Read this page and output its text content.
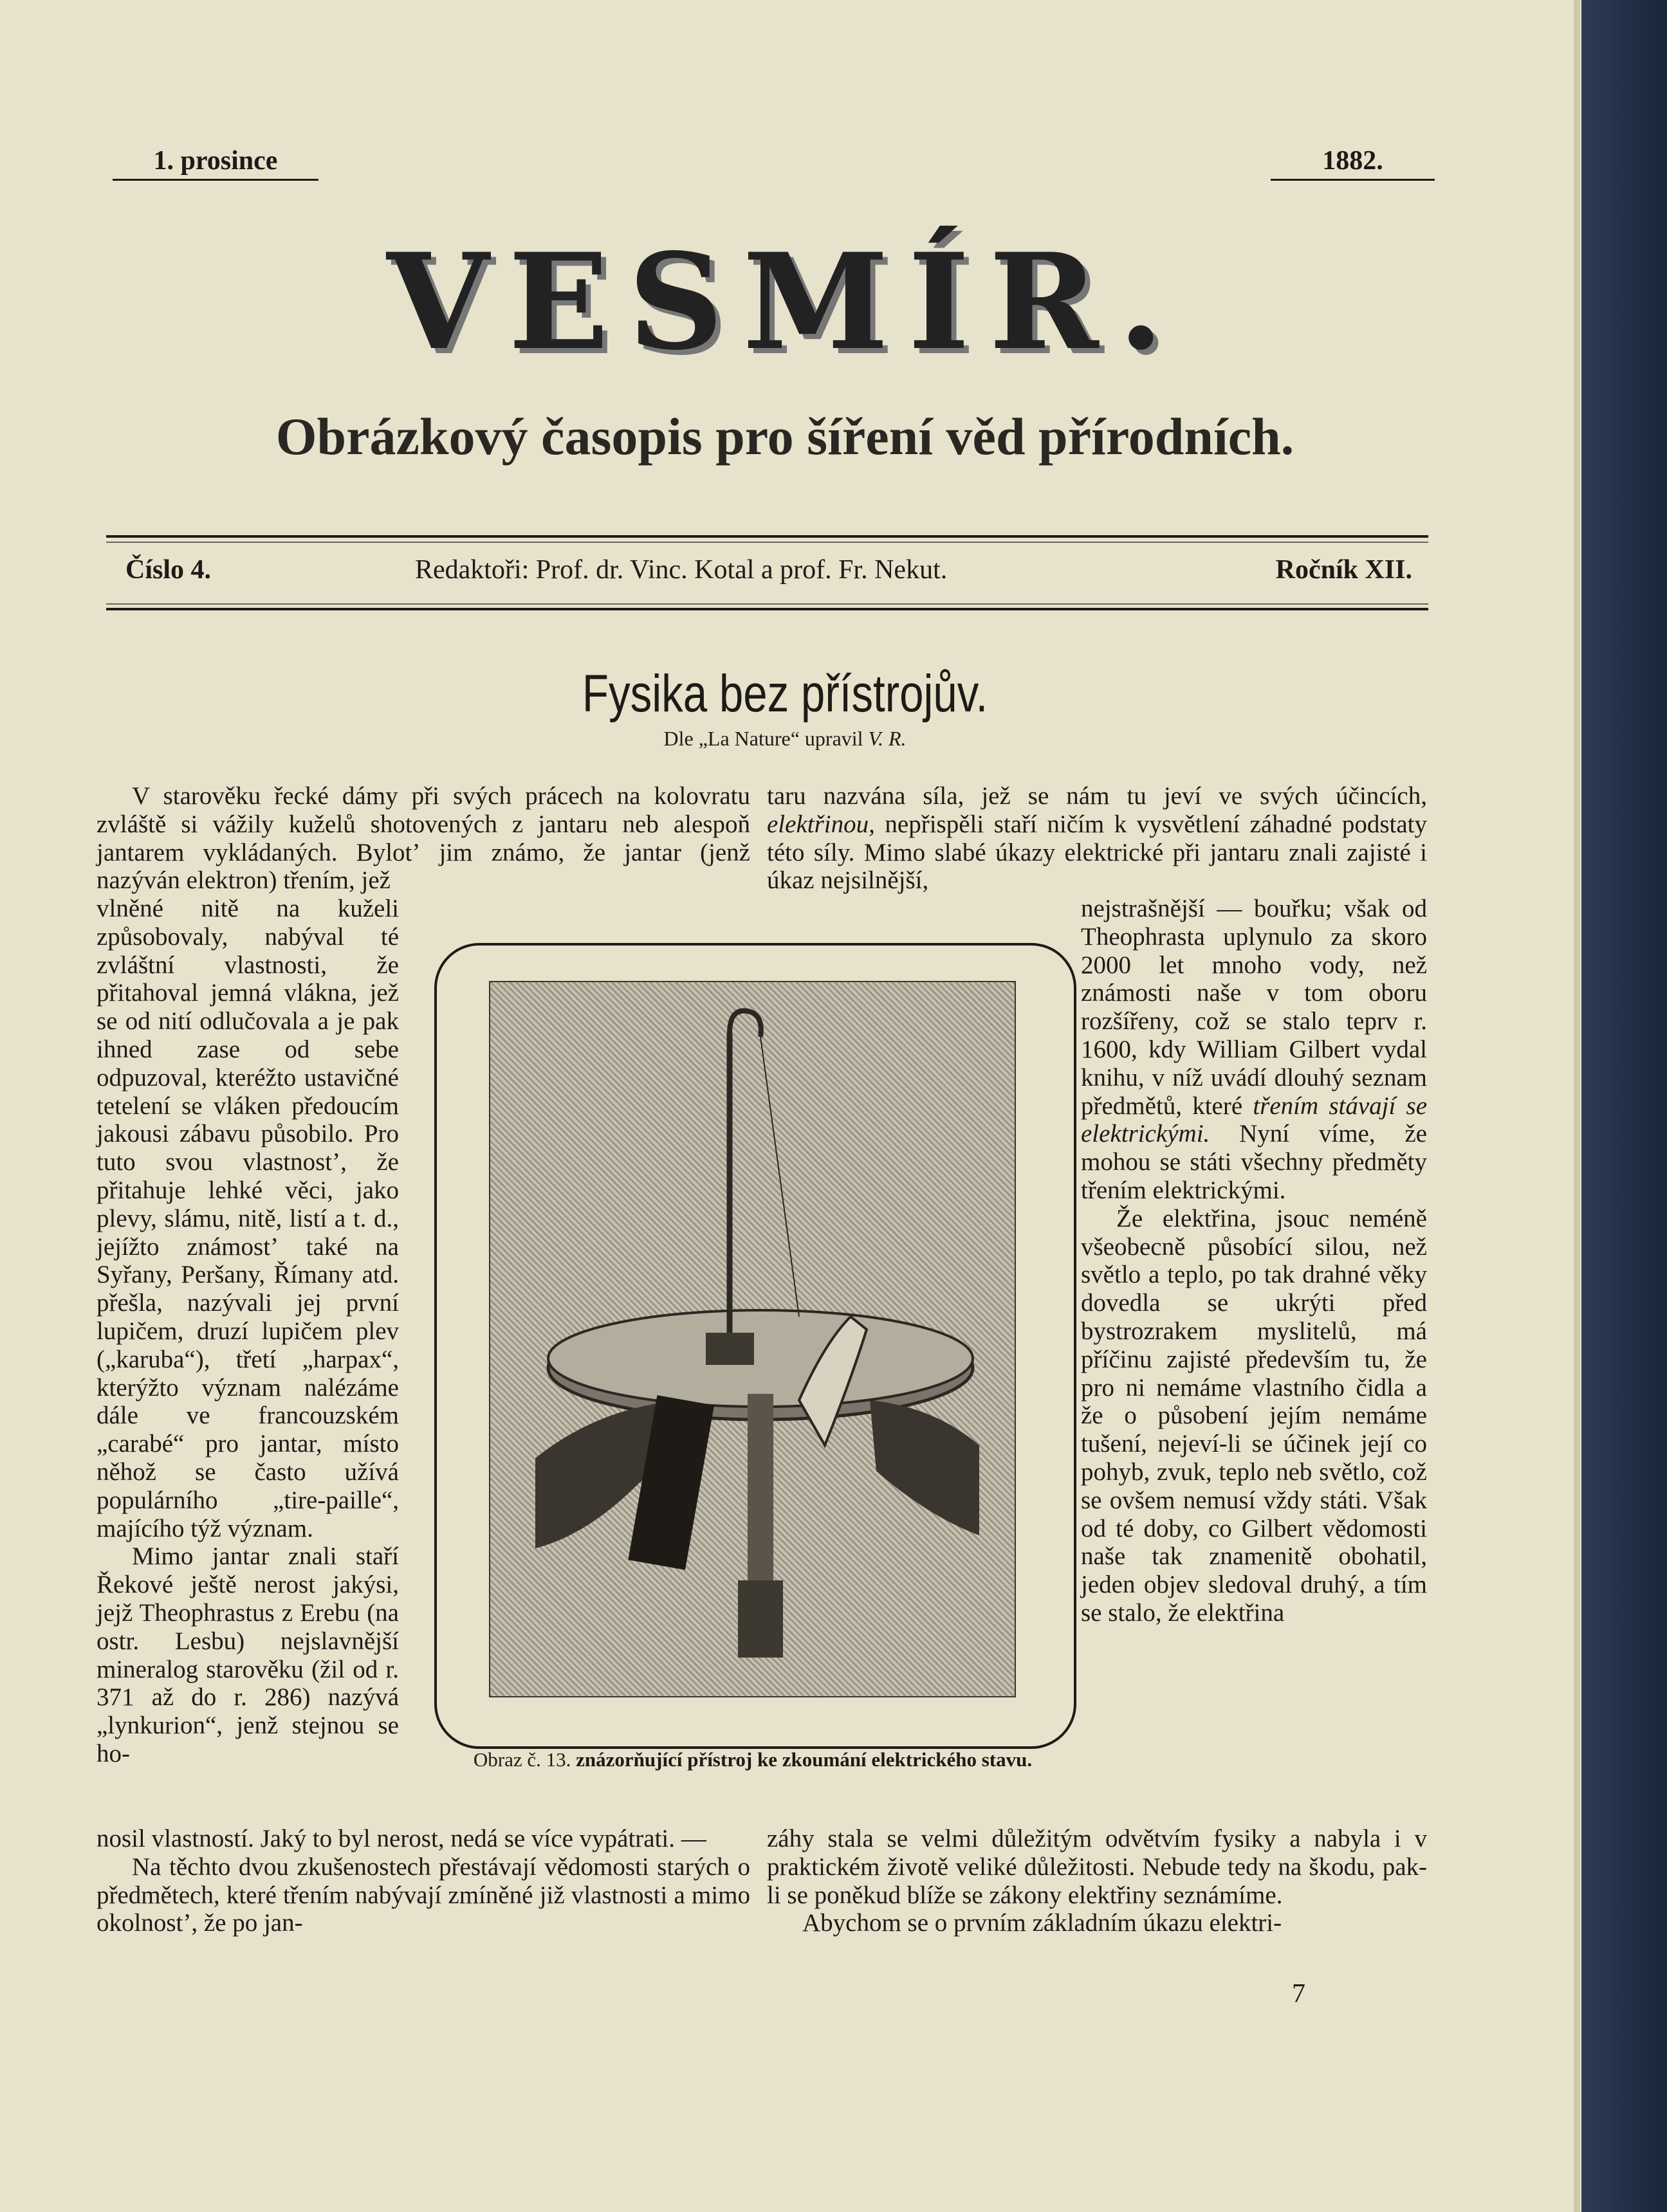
1. prosince	1882.
VESMÍR.
Obrázkový časopis pro šíření věd přírodních.
Číslo 4.	Redaktoři: Prof. dr. Vinc. Kotal a prof. Fr. Nekut.	Ročník XII.
Fysika bez přístrojův.
Dle „La Nature“ upravil V. R.

V starověku řecké dámy při svých prácech na kolovratu zvláště si vážily kuželů shotovených z jantaru neb alespoň jantarem vykládaných. Bylotʼ jim známo, že jantar (jenž nazýván elektron) třením, jež

vlněné nitě na kuželi způsobovaly, nabýval té zvláštní vlastnosti, že přitahoval jemná vlákna, jež se od nití odlučovala a je pak ihned zase od sebe odpuzoval, kteréžto ustavičné tetelení se vláken předoucím jakousi zábavu působilo. Pro tuto svou vlastnostʼ, že přitahuje lehké věci, jako plevy, slámu, nitě, listí a t. d., jejížto známostʼ také na Syřany, Peršany, Římany atd. přešla, nazývali jej první lupičem, druzí lupičem plev („karuba“), třetí „harpax“, kterýžto význam nalézáme dále ve francouzském „carabé“ pro jantar, místo něhož se často užívá populárního „tire-paille“, majícího týž význam.

Mimo jantar znali staří Řekové ještě nerost jakýsi, jejž Theophrastus z Erebu (na ostr. Lesbu) nejslavnější mineralog starověku (žil od r. 371 až do r. 286) nazývá „lynkurion“, jenž stejnou se ho-

nosil vlastností. Jaký to byl nerost, nedá se více vypátrati. —

Na těchto dvou zkušenostech přestávají vědomosti starých o předmětech, které třením nabývají zmíněné již vlastnosti a mimo okolnostʼ, že po jan-

taru nazvána síla, jež se nám tu jeví ve svých účincích, elektřinou, nepřispěli staří ničím k vysvětlení záhadné podstaty této síly. Mimo slabé úkazy elektrické při jantaru znali zajisté i úkaz nejsilnější,

nejstrašnější — bouřku; však od Theophrasta uplynulo za skoro 2000 let mnoho vody, než známosti naše v tom oboru rozšířeny, což se stalo teprv r. 1600, kdy William Gilbert vydal knihu, v níž uvádí dlouhý seznam předmětů, které třením stávají se elektrickými. Nyní víme, že mohou se státi všechny předměty třením elektrickými.

Že elektřina, jsouc neméně všeobecně působící silou, než světlo a teplo, po tak drahné věky dovedla se ukrýti před bystrozrakem myslitelů, má příčinu zajisté především tu, že pro ni nemáme vlastního čidla a že o působení jejím nemáme tušení, nejeví-li se účinek její co pohyb, zvuk, teplo neb světlo, což se ovšem nemusí vždy státi. Však od té doby, co Gilbert vědomosti naše tak znamenitě obohatil, jeden objev sledoval druhý, a tím se stalo, že elektřina

záhy stala se velmi důležitým odvětvím fysiky a nabyla i v praktickém životě veliké důležitosti. Nebude tedy na škodu, pak-li se poněkud blíže se zákony elektřiny seznámíme.

Abychom se o prvním základním úkazu elektri-

Obraz č. 13. znázorňující přístroj ke zkoumání elektrického stavu.
7
